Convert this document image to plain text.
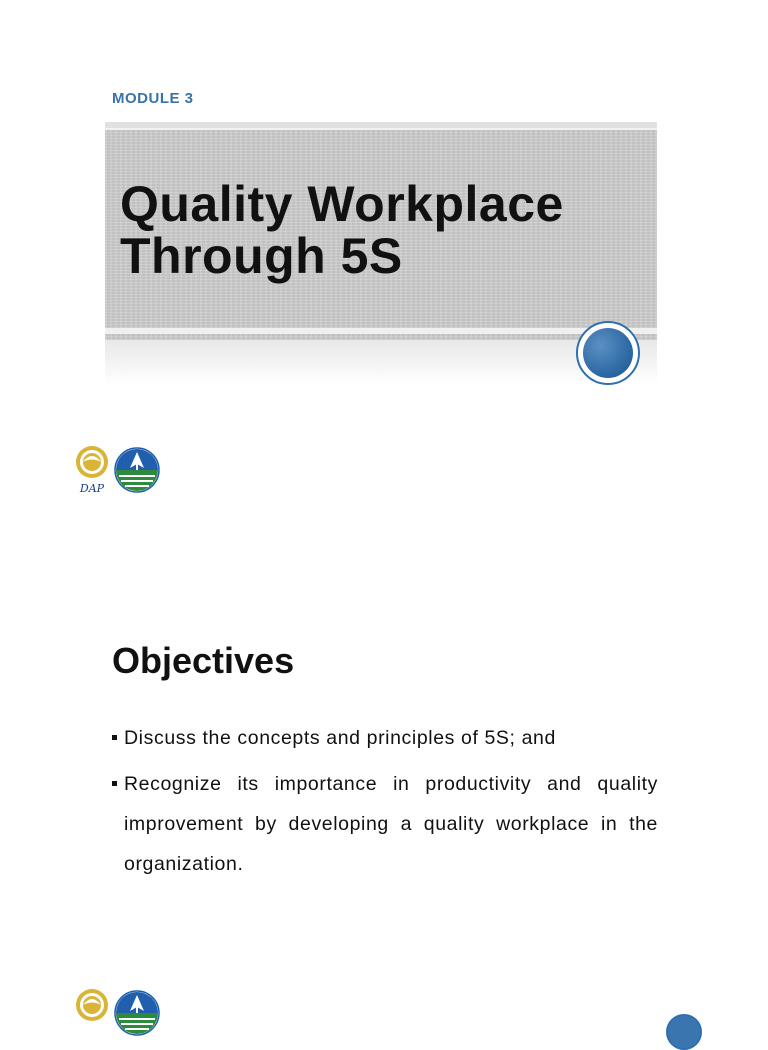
MODULE 3
Quality Workplace
Through 5S
DAP
Objectives
Discuss the concepts and principles of 5S; and
Recognize its importance in productivity and quality improvement by developing a quality workplace in the organization.
